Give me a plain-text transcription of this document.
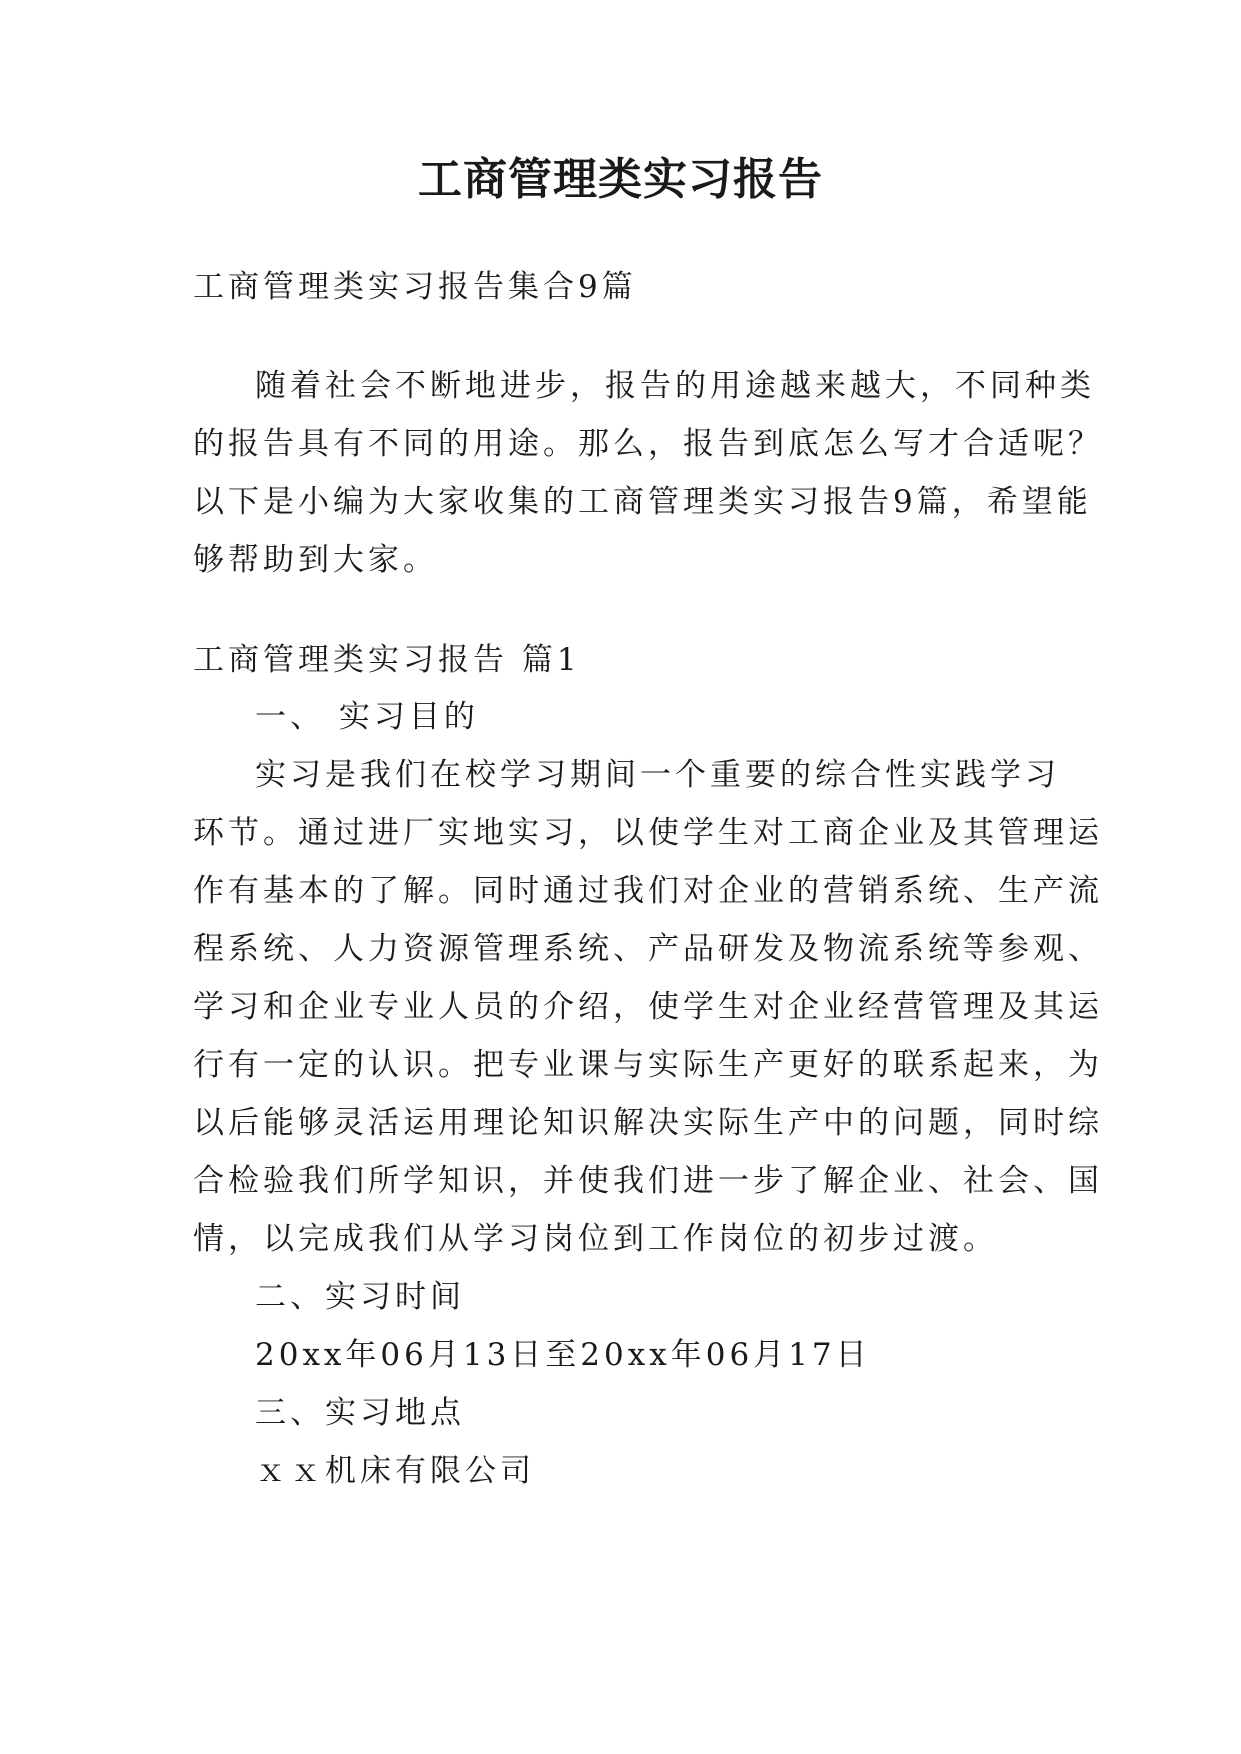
工商管理类实习报告
工商管理类实习报告集合9篇
随着社会不断地进步，报告的用途越来越大，不同种类
的报告具有不同的用途。那么，报告到底怎么写才合适呢？
以下是小编为大家收集的工商管理类实习报告9篇，希望能
够帮助到大家。
工商管理类实习报告 篇1
一、 实习目的
实习是我们在校学习期间一个重要的综合性实践学习
环节。通过进厂实地实习，以使学生对工商企业及其管理运
作有基本的了解。同时通过我们对企业的营销系统、生产流
程系统、人力资源管理系统、产品研发及物流系统等参观、
学习和企业专业人员的介绍，使学生对企业经营管理及其运
行有一定的认识。把专业课与实际生产更好的联系起来，为
以后能够灵活运用理论知识解决实际生产中的问题，同时综
合检验我们所学知识，并使我们进一步了解企业、社会、国
情，以完成我们从学习岗位到工作岗位的初步过渡。
二、实习时间
20xx年06月13日至20xx年06月17日
三、实习地点
ｘｘ机床有限公司
